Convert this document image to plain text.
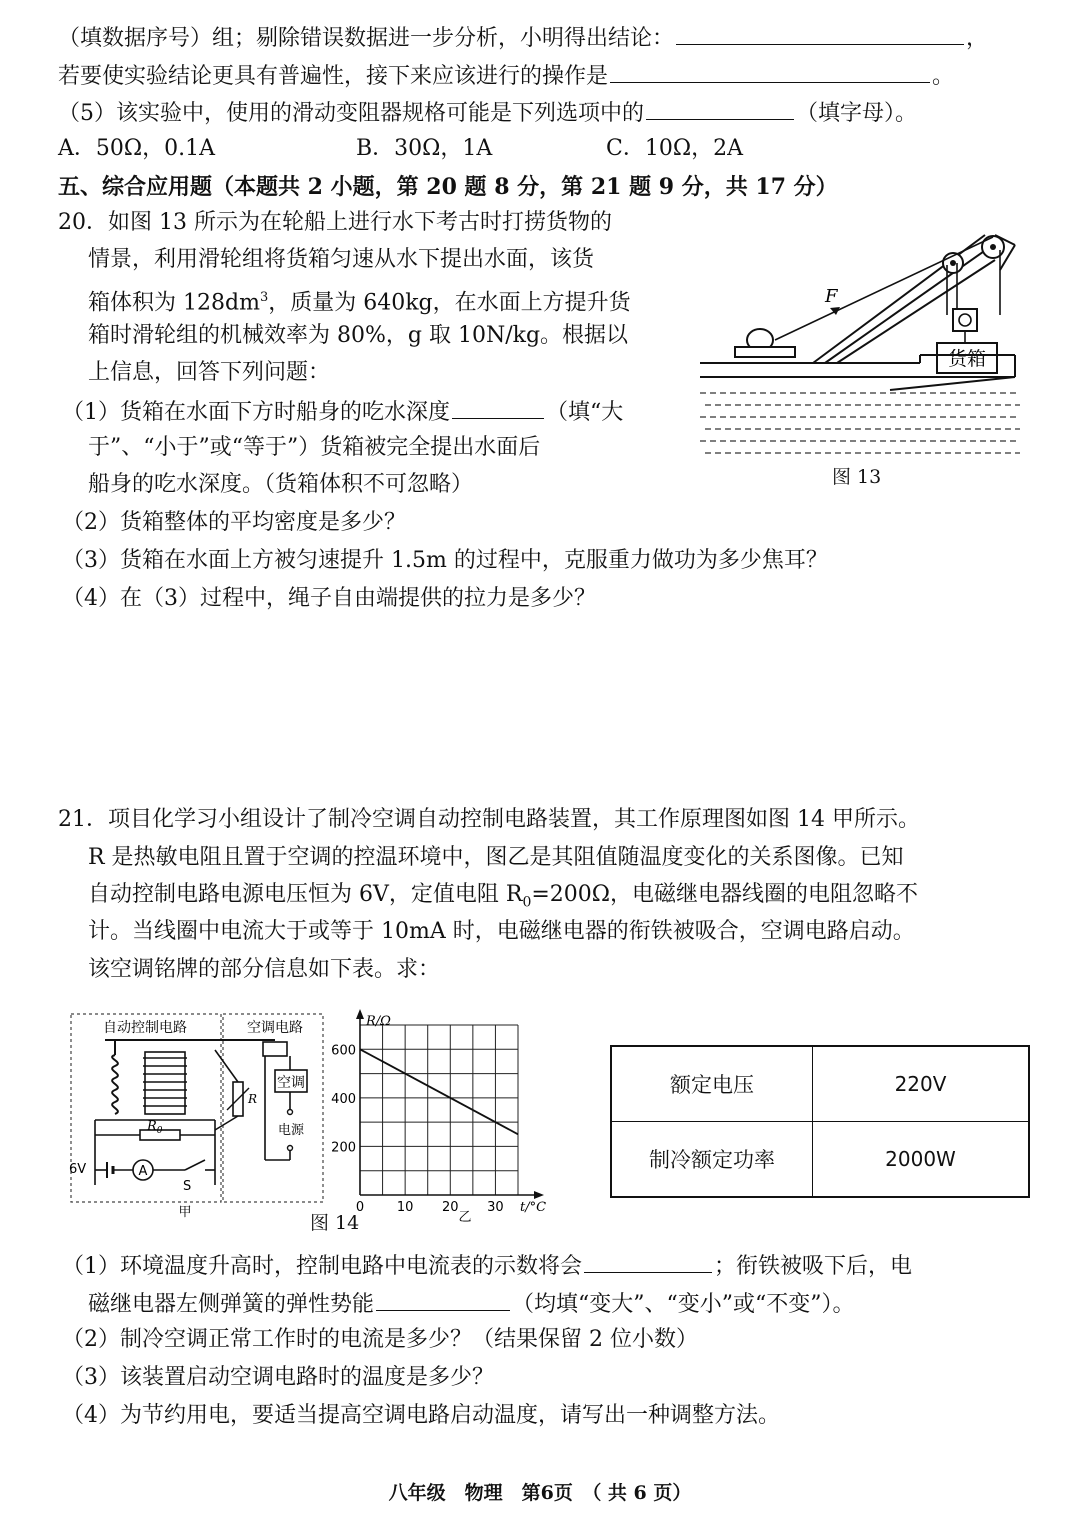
（填数据序号）组；剔除错误数据进一步分析，小明得出结论：	，
若要使实验结论更具有普遍性，接下来应该进行的操作是	。
（5）该实验中，使用的滑动变阻器规格可能是下列选项中的	（填字母）。
A．50Ω，0.1A	B．30Ω，1A	C．10Ω，2A
五、综合应用题（本题共 2 小题，第 20 题 8 分，第 21 题 9 分，共 17 分）
20．如图 13 所示为在轮船上进行水下考古时打捞货物的
情景，利用滑轮组将货箱匀速从水下提出水面，该货
箱体积为 $128dm^3$，质量为 640kg，在水面上方提升货
箱时滑轮组的机械效率为 80%，g 取 10N/kg。根据以
上信息，回答下列问题：
（1）货箱在水面下方时船身的吃水深度	（填“大
于”、“小于”或“等于”）货箱被完全提出水面后
船身的吃水深度。（货箱体积不可忽略）
（2）货箱整体的平均密度是多少？
（3）货箱在水面上方被匀速提升 1.5m 的过程中，克服重力做功为多少焦耳？
（4）在（3）过程中，绳子自由端提供的拉力是多少？
F
货箱
图 13
21．项目化学习小组设计了制冷空调自动控制电路装置，其工作原理图如图 14 甲所示。
R 是热敏电阻且置于空调的控温环境中，图乙是其阻值随温度变化的关系图像。已知
自动控制电路电源电压恒为 6V，定值电阻 $R_0=200\Omega$，电磁继电器线圈的电阻忽略不
计。当线圈中电流大于或等于 10mA 时，电磁继电器的衔铁被吸合，空调电路启动。
该空调铭牌的部分信息如下表。求：
自动控制电路	空调电路
$R_0$
6V	A
S
空调
电源
R
甲
R/Ω
t/°C
200
400
600
0	10 20 30
乙
图 14
额定电压	220V
制冷额定功率	2000W
（1）环境温度升高时，控制电路中电流表的示数将会	；衔铁被吸下后，电
磁继电器左侧弹簧的弹性势能	（均填“变大”、“变小”或“不变”）。
（2）制冷空调正常工作时的电流是多少？（结果保留 2 位小数）
（3）该装置启动空调电路时的温度是多少？
（4）为节约用电，要适当提高空调电路启动温度，请写出一种调整方法。
八年级　物理　第6页　（ 共 6 页）
